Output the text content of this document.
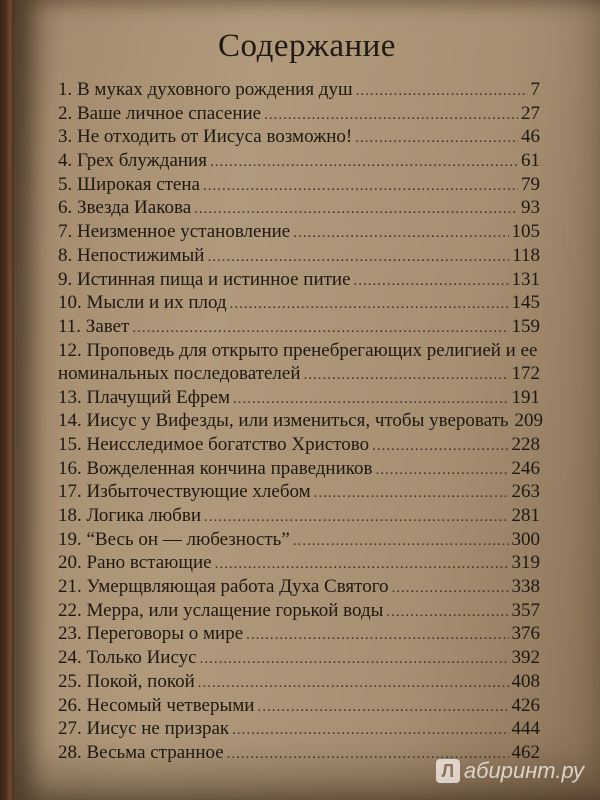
Содержание
1. В муках духовного рождения душ .....	7
2. Ваше личное спасение .....	27
3. Не отходить от Иисуса возможно! .....	46
4. Грех блуждания .....	61
5. Широкая стена .....	79
6. Звезда Иакова .....	93
7. Неизменное установление .....	105
8. Непостижимый .....	118
9. Истинная пища и истинное питие .....	131
10. Мысли и их плод .....	145
11. Завет .....	159
12. Проповедь для открыто пренебрегающих религией и ее
номинальных последователей .....	172
13. Плачущий Ефрем .....	191
14. Иисус у Вифезды, или измениться, чтобы уверовать 209
15. Неисследимое богатство Христово .....	228
16. Вожделенная кончина праведников .....	246
17. Избыточествующие хлебом .....	263
18. Логика любви .....	281
19. “Весь он — любезность” .....	300
20. Рано встающие .....	319
21. Умерщвляющая работа Духа Святого .....	338
22. Мерра, или услащение горькой воды .....	357
23. Переговоры о мире .....	376
24. Только Иисус .....	392
25. Покой, покой .....	408
26. Несомый четверыми .....	426
27. Иисус не призрак .....	444
28. Весьма странное .....	462
Л абиринт.ру
